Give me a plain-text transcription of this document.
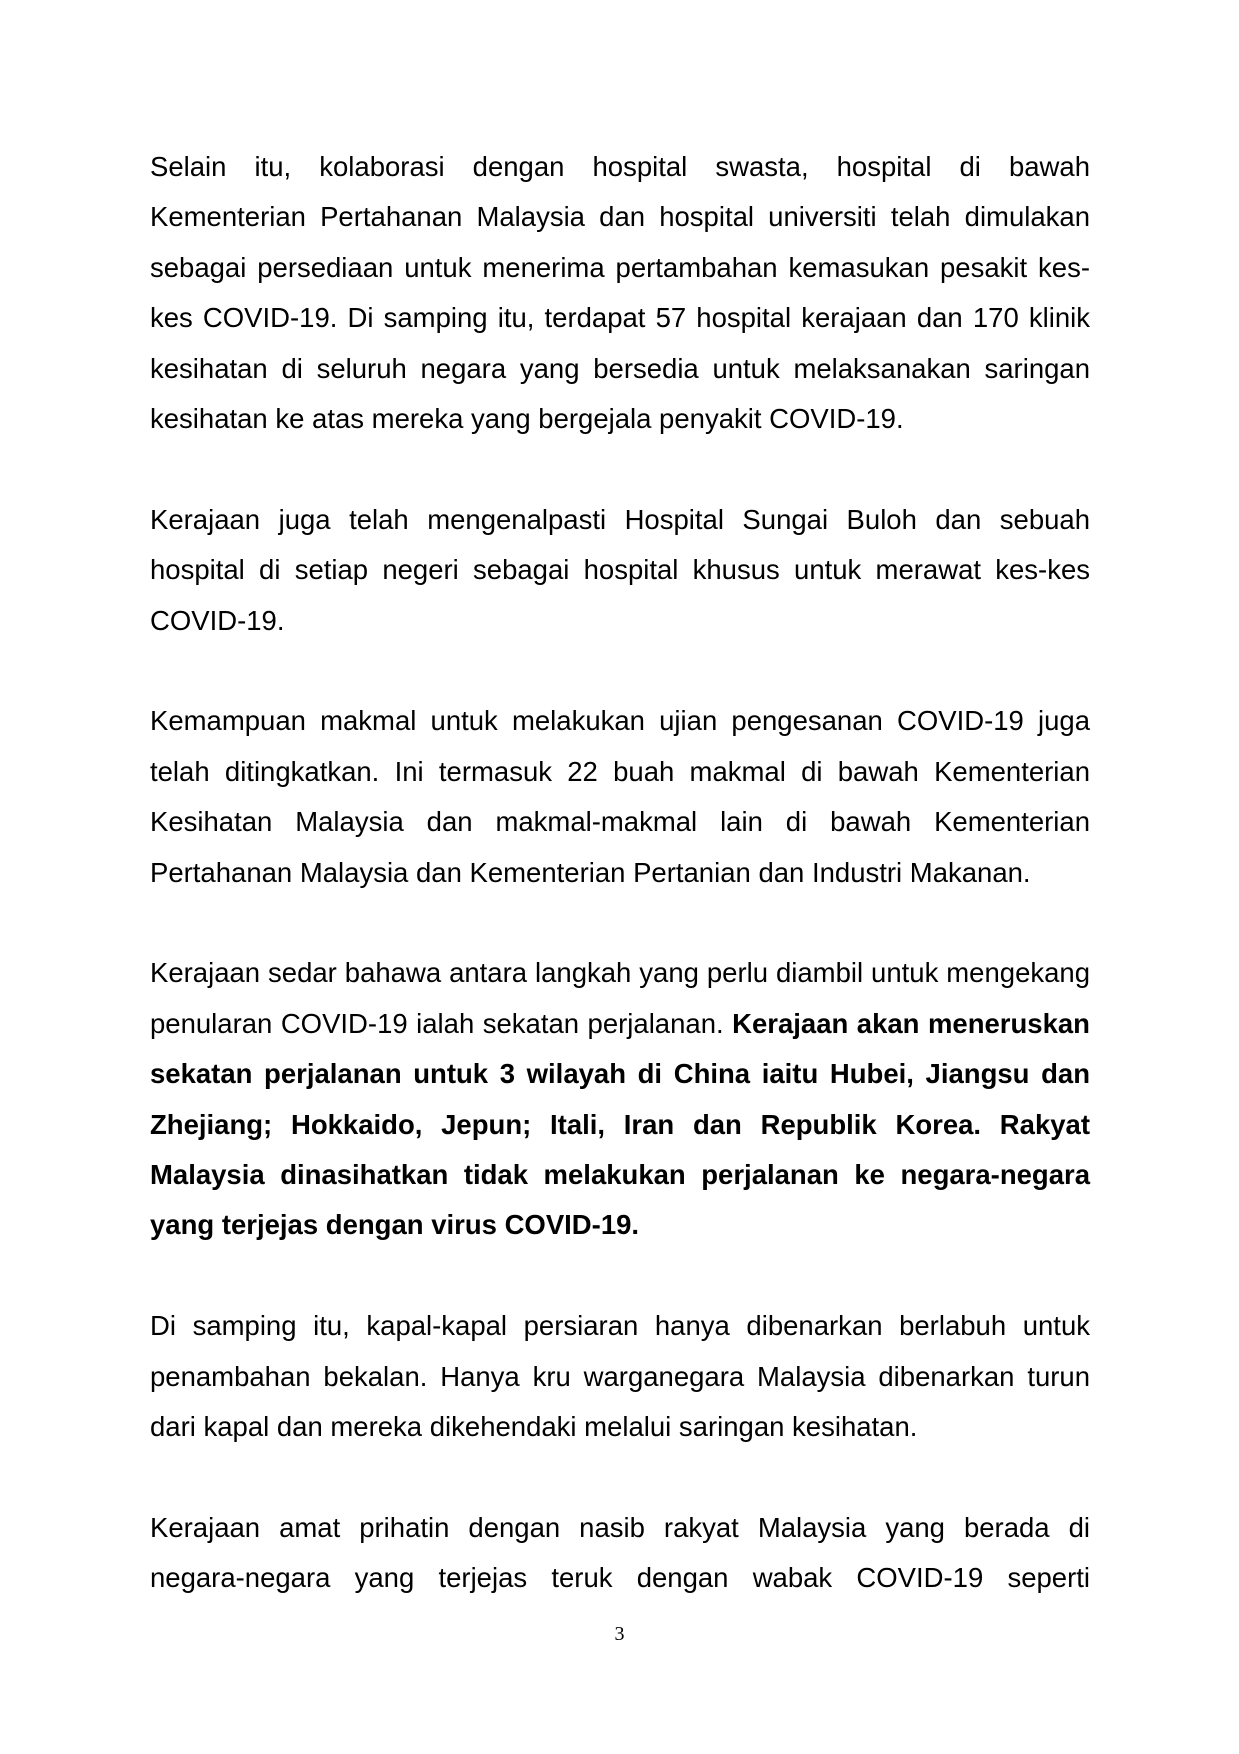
Selain itu, kolaborasi dengan hospital swasta, hospital di bawah Kementerian Pertahanan Malaysia dan hospital universiti telah dimulakan sebagai persediaan untuk menerima pertambahan kemasukan pesakit kes-kes COVID-19. Di samping itu, terdapat 57 hospital kerajaan dan 170 klinik kesihatan di seluruh negara yang bersedia untuk melaksanakan saringan kesihatan ke atas mereka yang bergejala penyakit COVID-19.

Kerajaan juga telah mengenalpasti Hospital Sungai Buloh dan sebuah hospital di setiap negeri sebagai hospital khusus untuk merawat kes-kes COVID-19.

Kemampuan makmal untuk melakukan ujian pengesanan COVID-19 juga telah ditingkatkan. Ini termasuk 22 buah makmal di bawah Kementerian Kesihatan Malaysia dan makmal-makmal lain di bawah Kementerian Pertahanan Malaysia dan Kementerian Pertanian dan Industri Makanan.

Kerajaan sedar bahawa antara langkah yang perlu diambil untuk mengekang penularan COVID-19 ialah sekatan perjalanan. Kerajaan akan meneruskan sekatan perjalanan untuk 3 wilayah di China iaitu Hubei, Jiangsu dan Zhejiang; Hokkaido, Jepun; Itali, Iran dan Republik Korea. Rakyat Malaysia dinasihatkan tidak melakukan perjalanan ke negara-negara yang terjejas dengan virus COVID-19.

Di samping itu, kapal-kapal persiaran hanya dibenarkan berlabuh untuk penambahan bekalan. Hanya kru warganegara Malaysia dibenarkan turun dari kapal dan mereka dikehendaki melalui saringan kesihatan.

Kerajaan amat prihatin dengan nasib rakyat Malaysia yang berada di negara-negara yang terjejas teruk dengan wabak COVID-19 seperti

3
